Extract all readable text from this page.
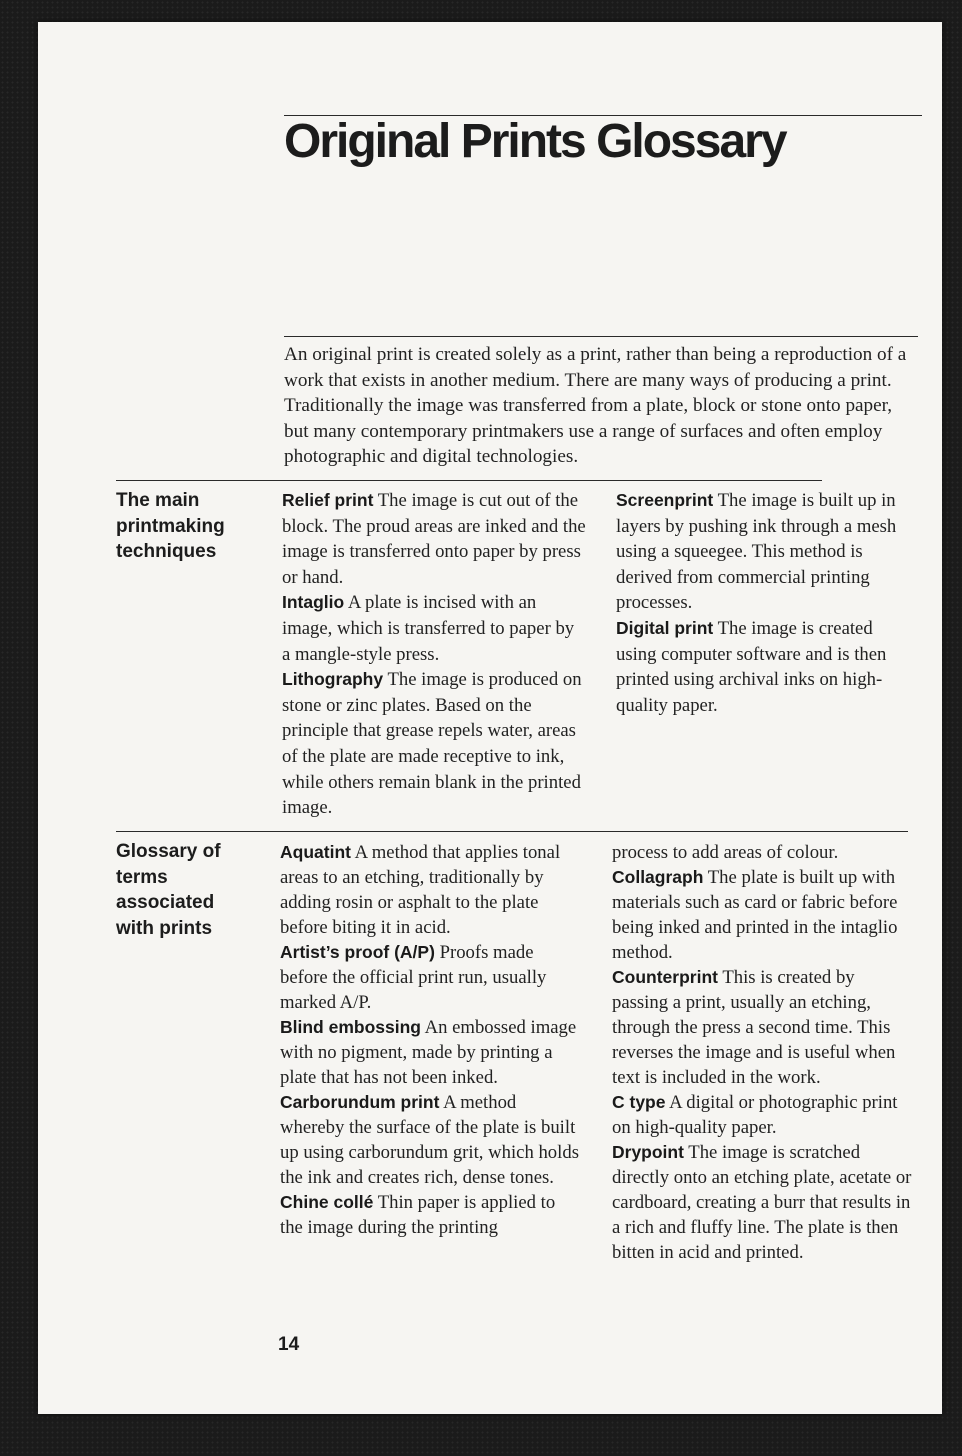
Original Prints Glossary

An original print is created solely as a print, rather than being a reproduction of a work that exists in another medium. There are many ways of producing a print. Traditionally the image was transferred from a plate, block or stone onto paper, but many contemporary printmakers use a range of surfaces and often employ photographic and digital technologies.

The main printmaking techniques

Relief print The image is cut out of the block. The proud areas are inked and the image is transferred onto paper by press or hand.

Intaglio A plate is incised with an image, which is transferred to paper by a mangle-style press.

Lithography The image is produced on stone or zinc plates. Based on the principle that grease repels water, areas of the plate are made receptive to ink, while others remain blank in the printed image.

Screenprint The image is built up in layers by pushing ink through a mesh using a squeegee. This method is derived from commercial printing processes.

Digital print The image is created using computer software and is then printed using archival inks on high-quality paper.

Glossary of terms associated with prints

Aquatint A method that applies tonal areas to an etching, traditionally by adding rosin or asphalt to the plate before biting it in acid.

Artist’s proof (A/P) Proofs made before the official print run, usually marked A/P.

Blind embossing An embossed image with no pigment, made by printing a plate that has not been inked.

Carborundum print A method whereby the surface of the plate is built up using carborundum grit, which holds the ink and creates rich, dense tones.

Chine collé Thin paper is applied to the image during the printing

process to add areas of colour.

Collagraph The plate is built up with materials such as card or fabric before being inked and printed in the intaglio method.

Counterprint This is created by passing a print, usually an etching, through the press a second time. This reverses the image and is useful when text is included in the work.

C type A digital or photographic print on high-quality paper.

Drypoint The image is scratched directly onto an etching plate, acetate or cardboard, creating a burr that results in a rich and fluffy line. The plate is then bitten in acid and printed.

14
